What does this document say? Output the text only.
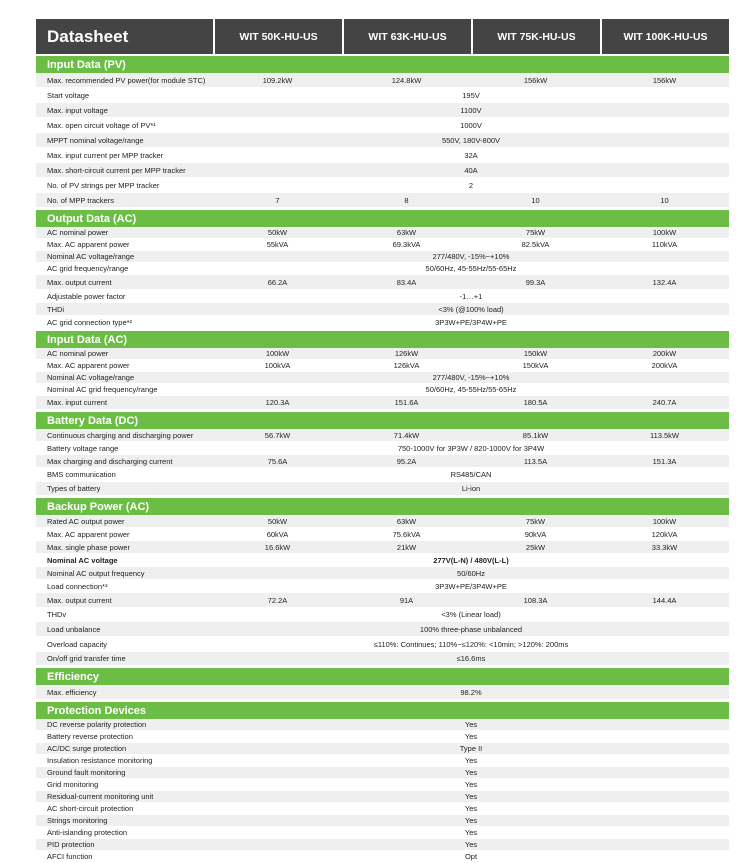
Datasheet	WIT 50K-HU-US	WIT 63K-HU-US	WIT 75K-HU-US	WIT 100K-HU-US
Input Data (PV)
Max. recommended PV power(for module STC)	109.2kW	124.8kW	156kW	156kW
Start voltage	195V
Max. input voltage	1100V
Max. open circuit voltage of PV*¹	1000V
MPPT nominal voltage/range	550V, 180V-800V
Max. input current per MPP tracker	32A
Max. short-circuit current per MPP tracker	40A
No. of PV strings per MPP tracker	2
No. of MPP trackers	7	8	10	10
Output Data (AC)
AC nominal power	50kW	63kW	75kW	100kW
Max. AC apparent power	55kVA	69.3kVA	82.5kVA	110kVA
Nominal AC voltage/range	277/480V, -15%~+10%
AC grid frequency/range	50/60Hz, 45-55Hz/55-65Hz
Max. output current	66.2A	83.4A	99.3A	132.4A
Adjustable power factor	-1…+1
THDi	<3% (@100% load)
AC grid connection type*²	3P3W+PE/3P4W+PE
Input Data (AC)
AC nominal power	100kW	126kW	150kW	200kW
Max. AC apparent power	100kVA	126kVA	150kVA	200kVA
Nominal AC voltage/range	277/480V, -15%~+10%
Nominal AC grid frequency/range	50/60Hz, 45-55Hz/55-65Hz
Max. input current	120.3A	151.6A	180.5A	240.7A
Battery Data (DC)
Continuous charging and discharging power	56.7kW	71.4kW	85.1kW	113.5kW
Battery voltage range	750-1000V for 3P3W / 820-1000V for 3P4W
Max charging and discharging current	75.6A	95.2A	113.5A	151.3A
BMS communication	RS485/CAN
Types of battery	Li-ion
Backup Power (AC)
Rated AC output power	50kW	63kW	75kW	100kW
Max. AC apparent power	60kVA	75.6kVA	90kVA	120kVA
Max. single phase power	16.6kW	21kW	25kW	33.3kW
Nominal AC voltage	277V(L-N) / 480V(L-L)
Nominal AC output frequency	50/60Hz
Load connection*³	3P3W+PE/3P4W+PE
Max. output current	72.2A	91A	108.3A	144.4A
THDv	<3% (Linear load)
Load unbalance	100% three-phase unbalanced
Overload capacity	≤110%: Continues; 110%~≤120%: <10min; >120%: 200ms
On/off grid transfer time	≤16.6ms
Efficiency
Max. efficiency	98.2%
Protection Devices
DC reverse polarity protection	Yes
Battery reverse protection	Yes
AC/DC surge protection	Type II
Insulation resistance monitoring	Yes
Ground fault monitoring	Yes
Grid monitoring	Yes
Residual-current monitoring unit	Yes
AC short-circuit protection	Yes
Strings monitoring	Yes
Anti-islanding protection	Yes
PID protection	Yes
AFCI function	Opt
